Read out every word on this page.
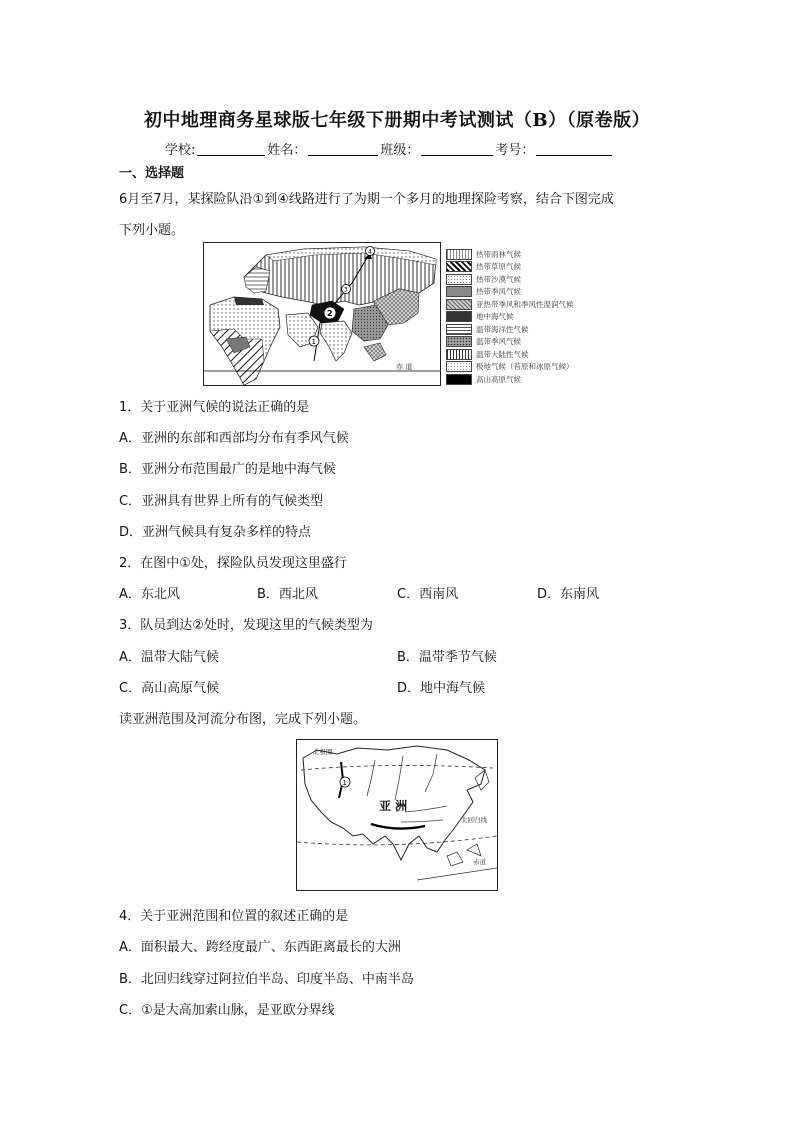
初中地理商务星球版七年级下册期中考试测试（B）（原卷版）
学校:	姓名：	班级：	考号：
一、选择题
6月至7月，某探险队沿①到④线路进行了为期一个多月的地理探险考察，结合下图完成
下列小题。
赤 道
1
2
3
4	热带雨林气候
热带草原气候
热带沙漠气候
热带季风气候
亚热带季风和季风性湿润气候
地中海气候
温带海洋性气候
温带季风气候
温带大陆性气候
极地气候（苔原和冰原气候）
高山高原气候
1．关于亚洲气候的说法正确的是
A．亚洲的东部和西部均分布有季风气候
B．亚洲分布范围最广的是地中海气候
C．亚洲具有世界上所有的气候类型
D．亚洲气候具有复杂多样的特点
2．在图中①处，探险队员发现这里盛行
A．东北风	B．西北风	C．西南风	D．东南风
3．队员到达②处时，发现这里的气候类型为
A．温带大陆气候	B．温带季节气候
C．高山高原气候	D．地中海气候
读亚洲范围及河流分布图，完成下列小题。
北极圈
1
北回归线
赤道
亚 洲
4．关于亚洲范围和位置的叙述正确的是
A．面积最大、跨经度最广、东西距离最长的大洲
B．北回归线穿过阿拉伯半岛、印度半岛、中南半岛
C．①是大高加索山脉，是亚欧分界线
